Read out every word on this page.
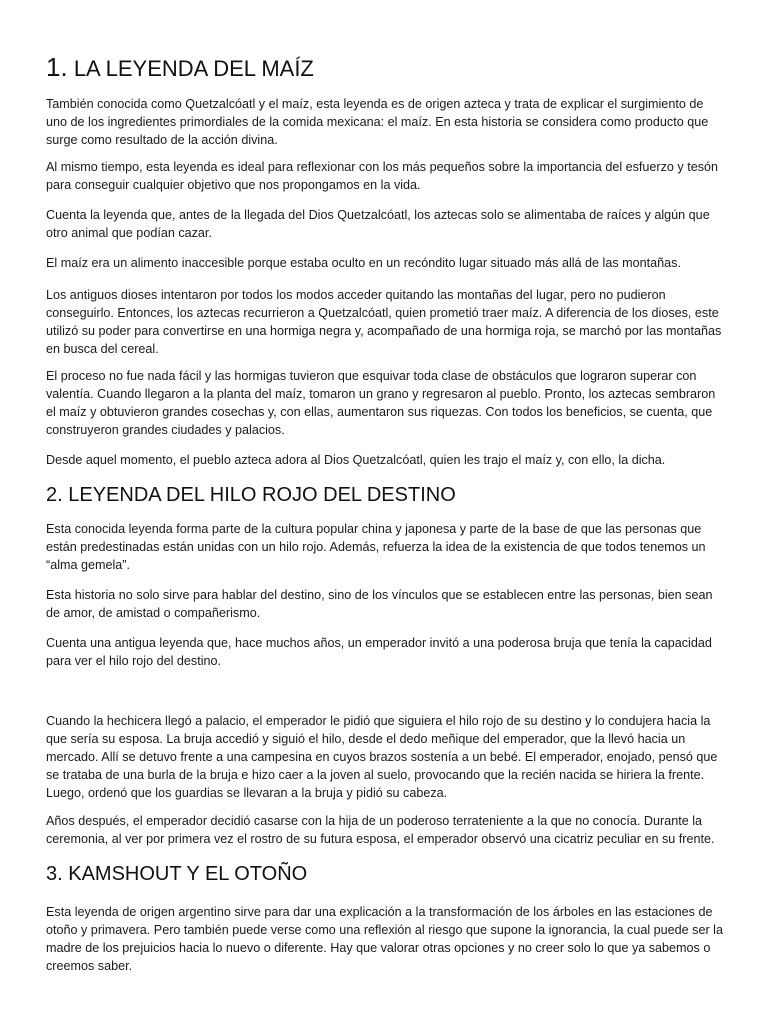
1. LA LEYENDA DEL MAÍZ

También conocida como Quetzalcóatl y el maíz, esta leyenda es de origen azteca y trata de explicar el surgimiento de uno de los ingredientes primordiales de la comida mexicana: el maíz. En esta historia se considera como producto que surge como resultado de la acción divina.

Al mismo tiempo, esta leyenda es ideal para reflexionar con los más pequeños sobre la importancia del esfuerzo y tesón para conseguir cualquier objetivo que nos propongamos en la vida.

Cuenta la leyenda que, antes de la llegada del Dios Quetzalcóatl, los aztecas solo se alimentaba de raíces y algún que otro animal que podían cazar.

El maíz era un alimento inaccesible porque estaba oculto en un recóndito lugar situado más allá de las montañas.

Los antiguos dioses intentaron por todos los modos acceder quitando las montañas del lugar, pero no pudieron conseguirlo. Entonces, los aztecas recurrieron a Quetzalcóatl, quien prometió traer maíz. A diferencia de los dioses, este utilizó su poder para convertirse en una hormiga negra y, acompañado de una hormiga roja, se marchó por las montañas en busca del cereal.

El proceso no fue nada fácil y las hormigas tuvieron que esquivar toda clase de obstáculos que lograron superar con valentía. Cuando llegaron a la planta del maíz, tomaron un grano y regresaron al pueblo. Pronto, los aztecas sembraron el maíz y obtuvieron grandes cosechas y, con ellas, aumentaron sus riquezas. Con todos los beneficios, se cuenta, que construyeron grandes ciudades y palacios.

Desde aquel momento, el pueblo azteca adora al Dios Quetzalcóatl, quien les trajo el maíz y, con ello, la dicha.

2. LEYENDA DEL HILO ROJO DEL DESTINO

Esta conocida leyenda forma parte de la cultura popular china y japonesa y parte de la base de que las personas que están predestinadas están unidas con un hilo rojo. Además, refuerza la idea de la existencia de que todos tenemos un “alma gemela”.

Esta historia no solo sirve para hablar del destino, sino de los vínculos que se establecen entre las personas, bien sean de amor, de amistad o compañerismo.

Cuenta una antigua leyenda que, hace muchos años, un emperador invitó a una poderosa bruja que tenía la capacidad para ver el hilo rojo del destino.

Cuando la hechicera llegó a palacio, el emperador le pidió que siguiera el hilo rojo de su destino y lo condujera hacia la que sería su esposa. La bruja accedió y siguió el hilo, desde el dedo meñique del emperador, que la llevó hacia un mercado. Allí se detuvo frente a una campesina en cuyos brazos sostenía a un bebé. El emperador, enojado, pensó que se trataba de una burla de la bruja e hizo caer a la joven al suelo, provocando que la recién nacida se hiriera la frente. Luego, ordenó que los guardias se llevaran a la bruja y pidió su cabeza.

Años después, el emperador decidió casarse con la hija de un poderoso terrateniente a la que no conocía. Durante la ceremonia, al ver por primera vez el rostro de su futura esposa, el emperador observó una cicatriz peculiar en su frente.

3. KAMSHOUT Y EL OTOÑO

Esta leyenda de origen argentino sirve para dar una explicación a la transformación de los árboles en las estaciones de otoño y primavera. Pero también puede verse como una reflexión al riesgo que supone la ignorancia, la cual puede ser la madre de los prejuicios hacia lo nuevo o diferente. Hay que valorar otras opciones y no creer solo lo que ya sabemos o creemos saber.
